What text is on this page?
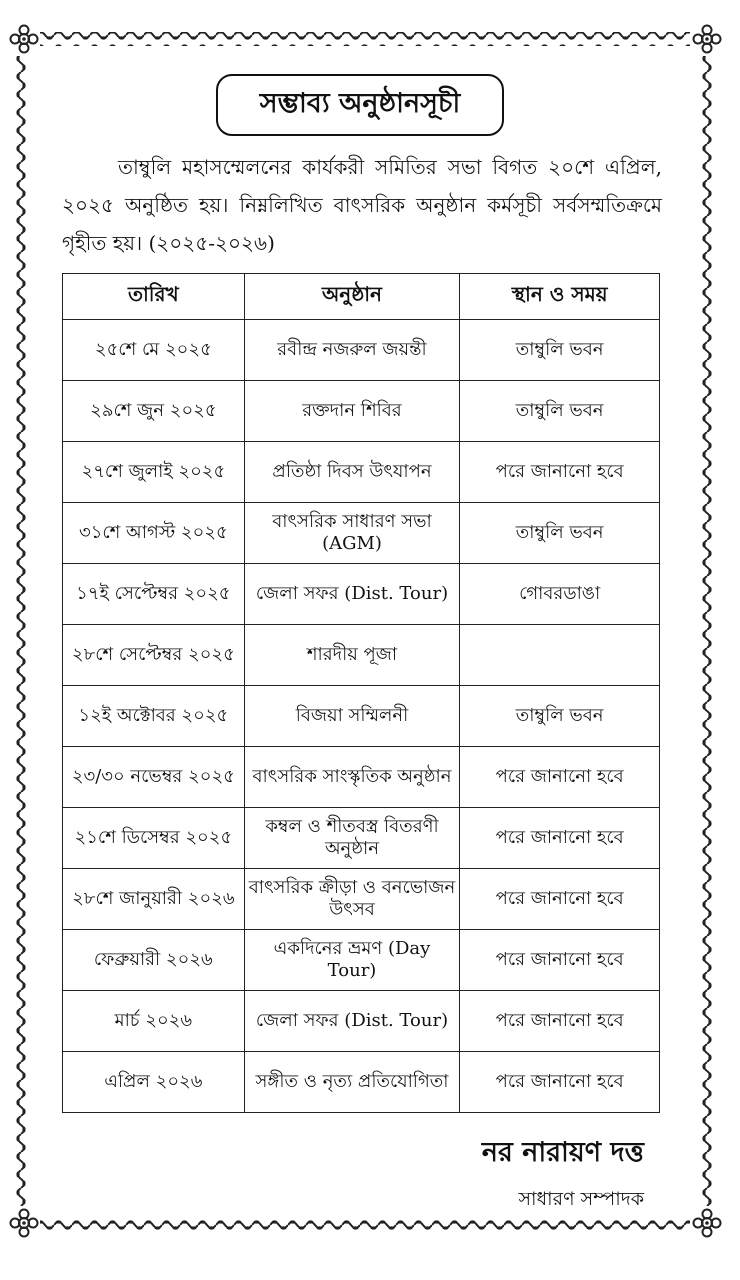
সম্ভাব্য অনুষ্ঠানসূচী

তাম্বুলি মহাসম্মেলনের কার্যকরী সমিতির সভা বিগত ২০শে এপ্রিল, ২০২৫ অনুষ্ঠিত হয়। নিম্নলিখিত বাৎসরিক অনুষ্ঠান কর্মসূচী সর্বসম্মতিক্রমে গৃহীত হয়। (২০২৫-২০২৬)

তারিখ	অনুষ্ঠান	স্থান ও সময়
২৫শে মে ২০২৫	রবীন্দ্র নজরুল জয়ন্তী	তাম্বুলি ভবন
২৯শে জুন ২০২৫	রক্তদান শিবির	তাম্বুলি ভবন
২৭শে জুলাই ২০২৫	প্রতিষ্ঠা দিবস উৎযাপন	পরে জানানো হবে
৩১শে আগস্ট ২০২৫	বাৎসরিক সাধারণ সভা (AGM)	তাম্বুলি ভবন
১৭ই সেপ্টেম্বর ২০২৫	জেলা সফর (Dist. Tour)	গোবরডাঙা
২৮শে সেপ্টেম্বর ২০২৫	শারদীয় পূজা	
১২ই অক্টোবর ২০২৫	বিজয়া সম্মিলনী	তাম্বুলি ভবন
২৩/৩০ নভেম্বর ২০২৫	বাৎসরিক সাংস্কৃতিক অনুষ্ঠান	পরে জানানো হবে
২১শে ডিসেম্বর ২০২৫	কম্বল ও শীতবস্ত্র বিতরণী অনুষ্ঠান	পরে জানানো হবে
২৮শে জানুয়ারী ২০২৬	বাৎসরিক ক্রীড়া ও বনভোজন উৎসব	পরে জানানো হবে
ফেব্রুয়ারী ২০২৬	একদিনের ভ্রমণ (Day Tour)	পরে জানানো হবে
মার্চ ২০২৬	জেলা সফর (Dist. Tour)	পরে জানানো হবে
এপ্রিল ২০২৬	সঙ্গীত ও নৃত্য প্রতিযোগিতা	পরে জানানো হবে
নর নারায়ণ দত্ত
সাধারণ সম্পাদক
